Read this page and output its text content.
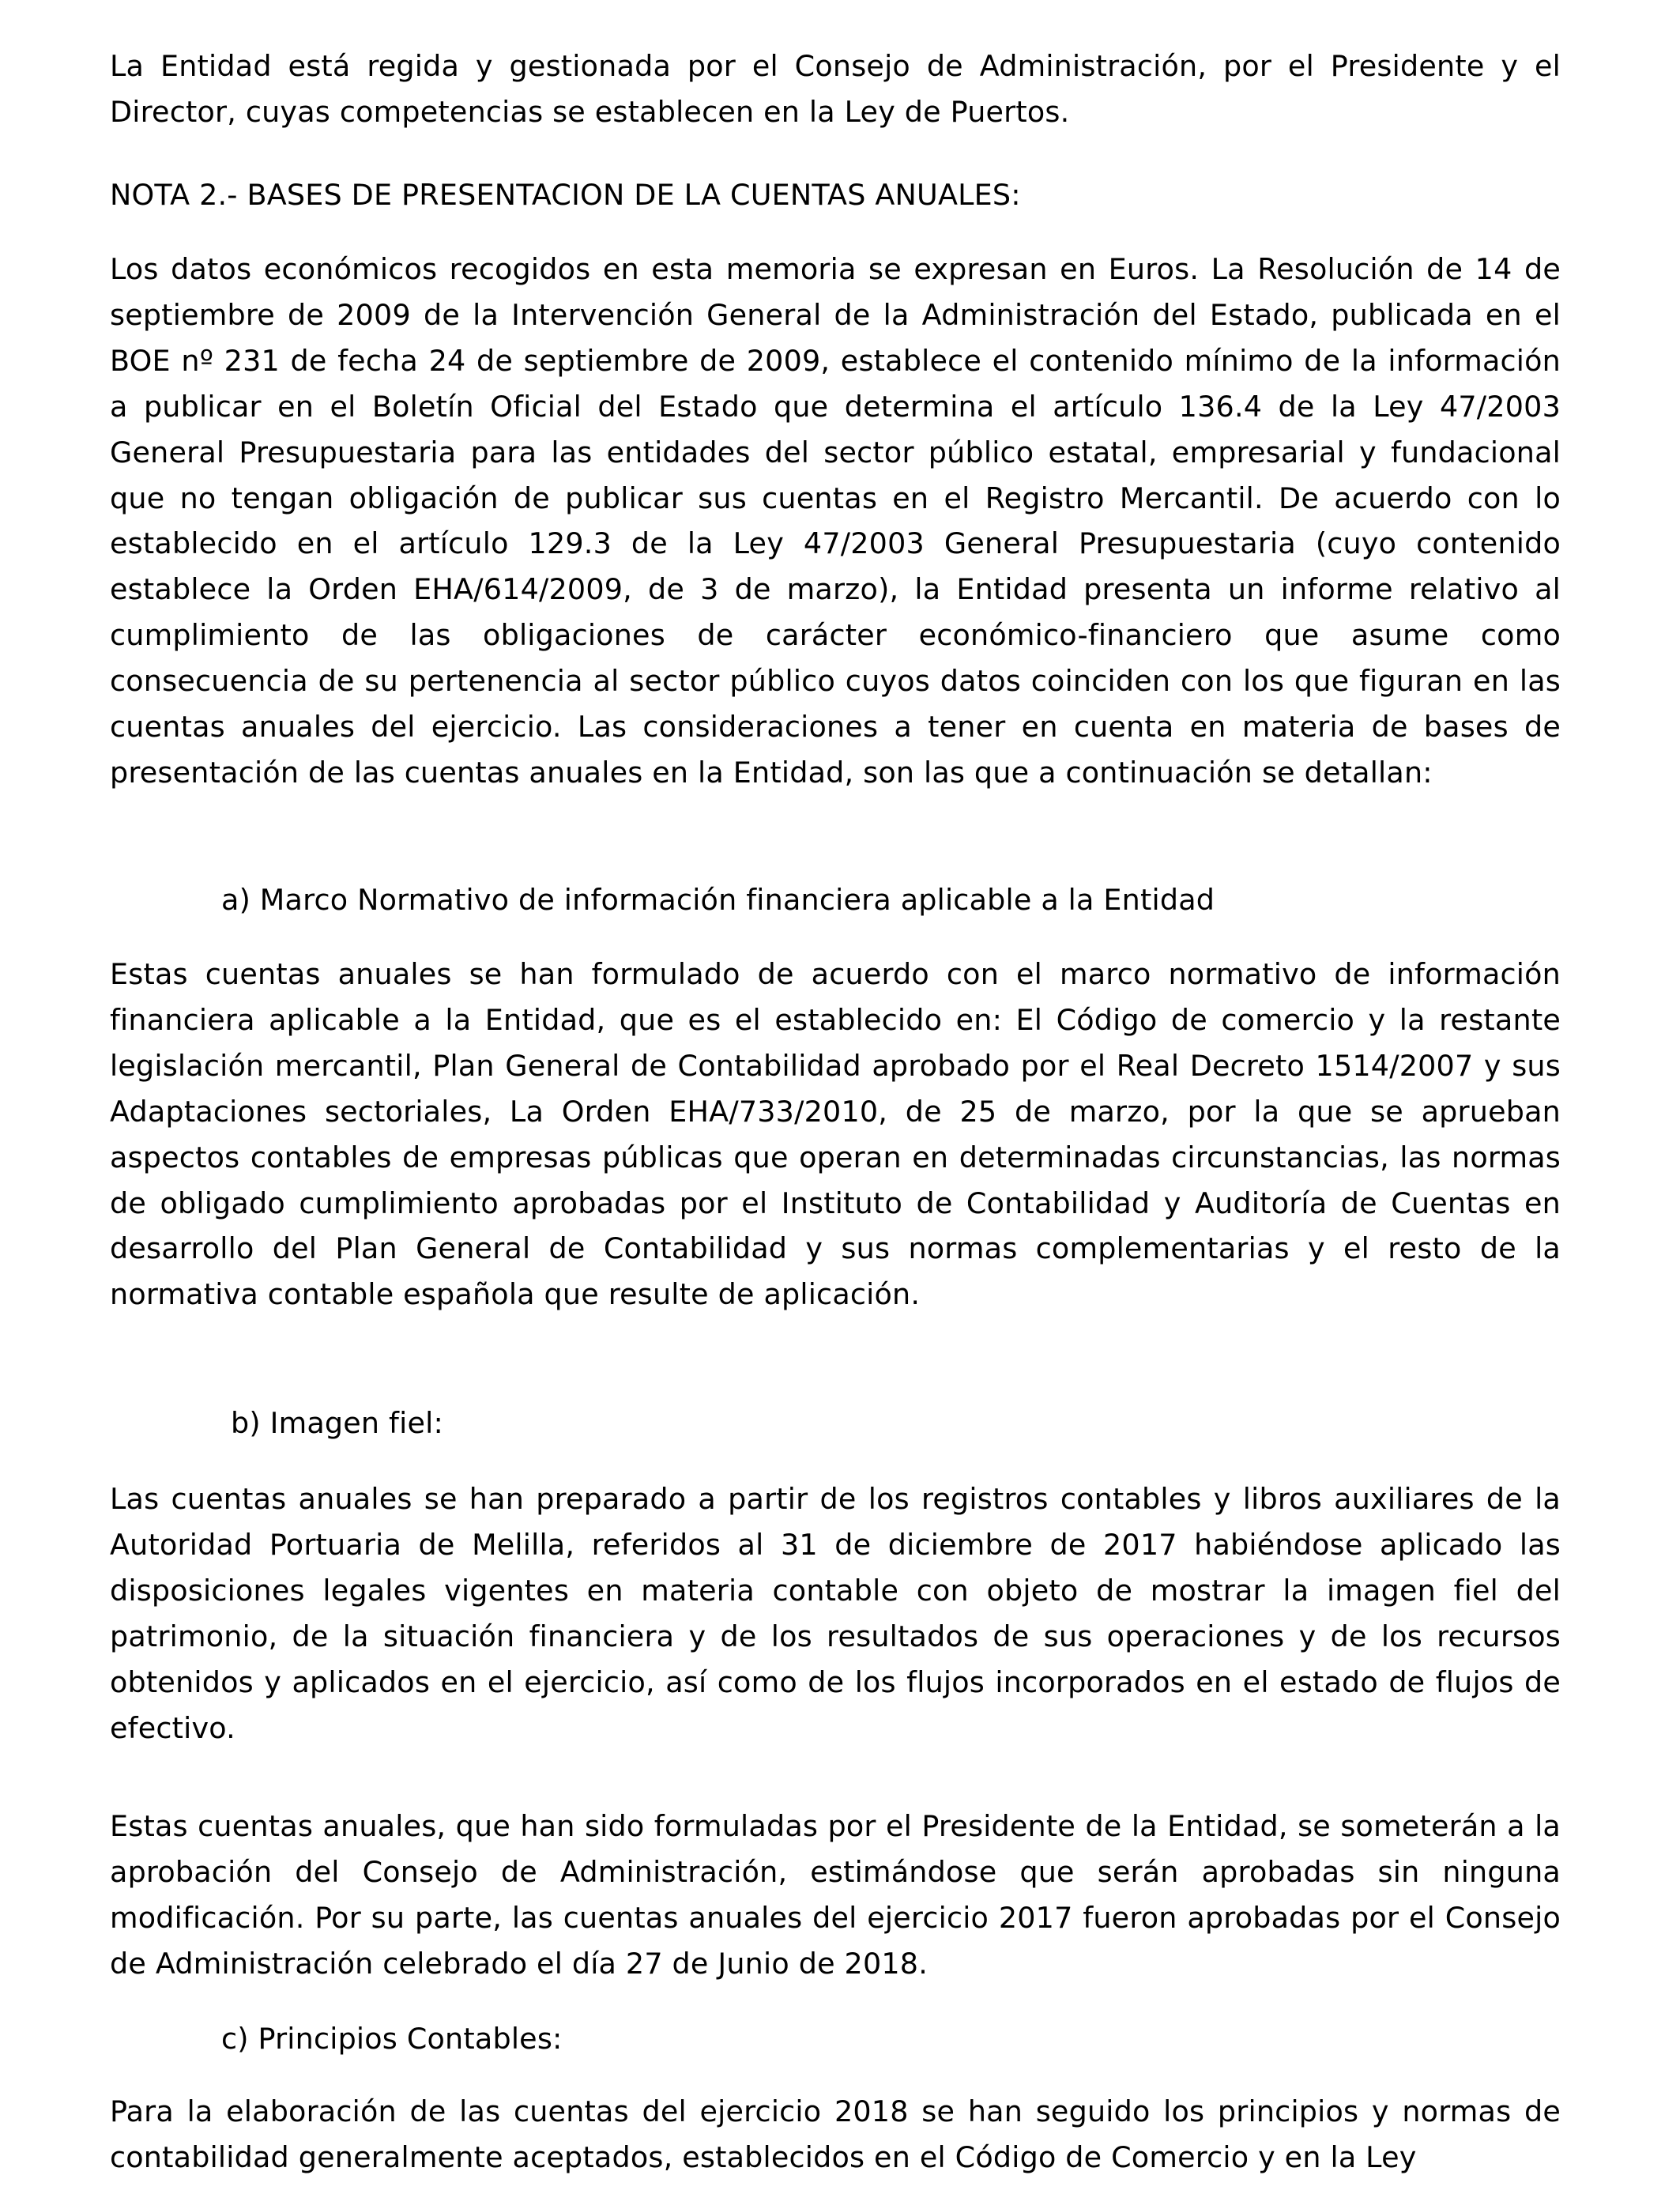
La Entidad está regida y gestionada por el Consejo de Administración, por el Presidente y el Director, cuyas competencias se establecen en la Ley de Puertos.

NOTA 2.- BASES DE PRESENTACION DE LA CUENTAS ANUALES:

Los datos económicos recogidos en esta memoria se expresan en Euros. La Resolución de 14 de septiembre de 2009 de la Intervención General de la Administración del Estado, publicada en el BOE nº 231 de fecha 24 de septiembre de 2009, establece el contenido mínimo de la información a publicar en el Boletín Oficial del Estado que determina el artículo 136.4 de la Ley 47/2003 General Presupuestaria para las entidades del sector público estatal, empresarial y fundacional que no tengan obligación de publicar sus cuentas en el Registro Mercantil. De acuerdo con lo establecido en el artículo 129.3 de la Ley 47/2003 General Presupuestaria (cuyo contenido establece la Orden EHA/614/2009, de 3 de marzo), la Entidad presenta un informe relativo al cumplimiento de las obligaciones de carácter económico-financiero que asume como consecuencia de su pertenencia al sector público cuyos datos coinciden con los que figuran en las cuentas anuales del ejercicio. Las consideraciones a tener en cuenta en materia de bases de presentación de las cuentas anuales en la Entidad, son las que a continuación se detallan:

a) Marco Normativo de información financiera aplicable a la Entidad

Estas cuentas anuales se han formulado de acuerdo con el marco normativo de información financiera aplicable a la Entidad, que es el establecido en: El Código de comercio y la restante legislación mercantil, Plan General de Contabilidad aprobado por el Real Decreto 1514/2007 y sus Adaptaciones sectoriales, La Orden EHA/733/2010, de 25 de marzo, por la que se aprueban aspectos contables de empresas públicas que operan en determinadas circunstancias, las normas de obligado cumplimiento aprobadas por el Instituto de Contabilidad y Auditoría de Cuentas en desarrollo del Plan General de Contabilidad y sus normas complementarias y el resto de la normativa contable española que resulte de aplicación.

b) Imagen fiel:

Las cuentas anuales se han preparado a partir de los registros contables y libros auxiliares de la Autoridad Portuaria de Melilla, referidos al 31 de diciembre de 2017 habiéndose aplicado las disposiciones legales vigentes en materia contable con objeto de mostrar la imagen fiel del patrimonio, de la situación financiera y de los resultados de sus operaciones y de los recursos obtenidos y aplicados en el ejercicio, así como de los flujos incorporados en el estado de flujos de efectivo.

Estas cuentas anuales, que han sido formuladas por el Presidente de la Entidad, se someterán a la aprobación del Consejo de Administración, estimándose que serán aprobadas sin ninguna modificación. Por su parte, las cuentas anuales del ejercicio 2017 fueron aprobadas por el Consejo de Administración celebrado el día 27 de Junio de 2018.

c) Principios Contables:

Para la elaboración de las cuentas del ejercicio 2018 se han seguido los principios y normas de contabilidad generalmente aceptados, establecidos en el Código de Comercio y en la Ley
